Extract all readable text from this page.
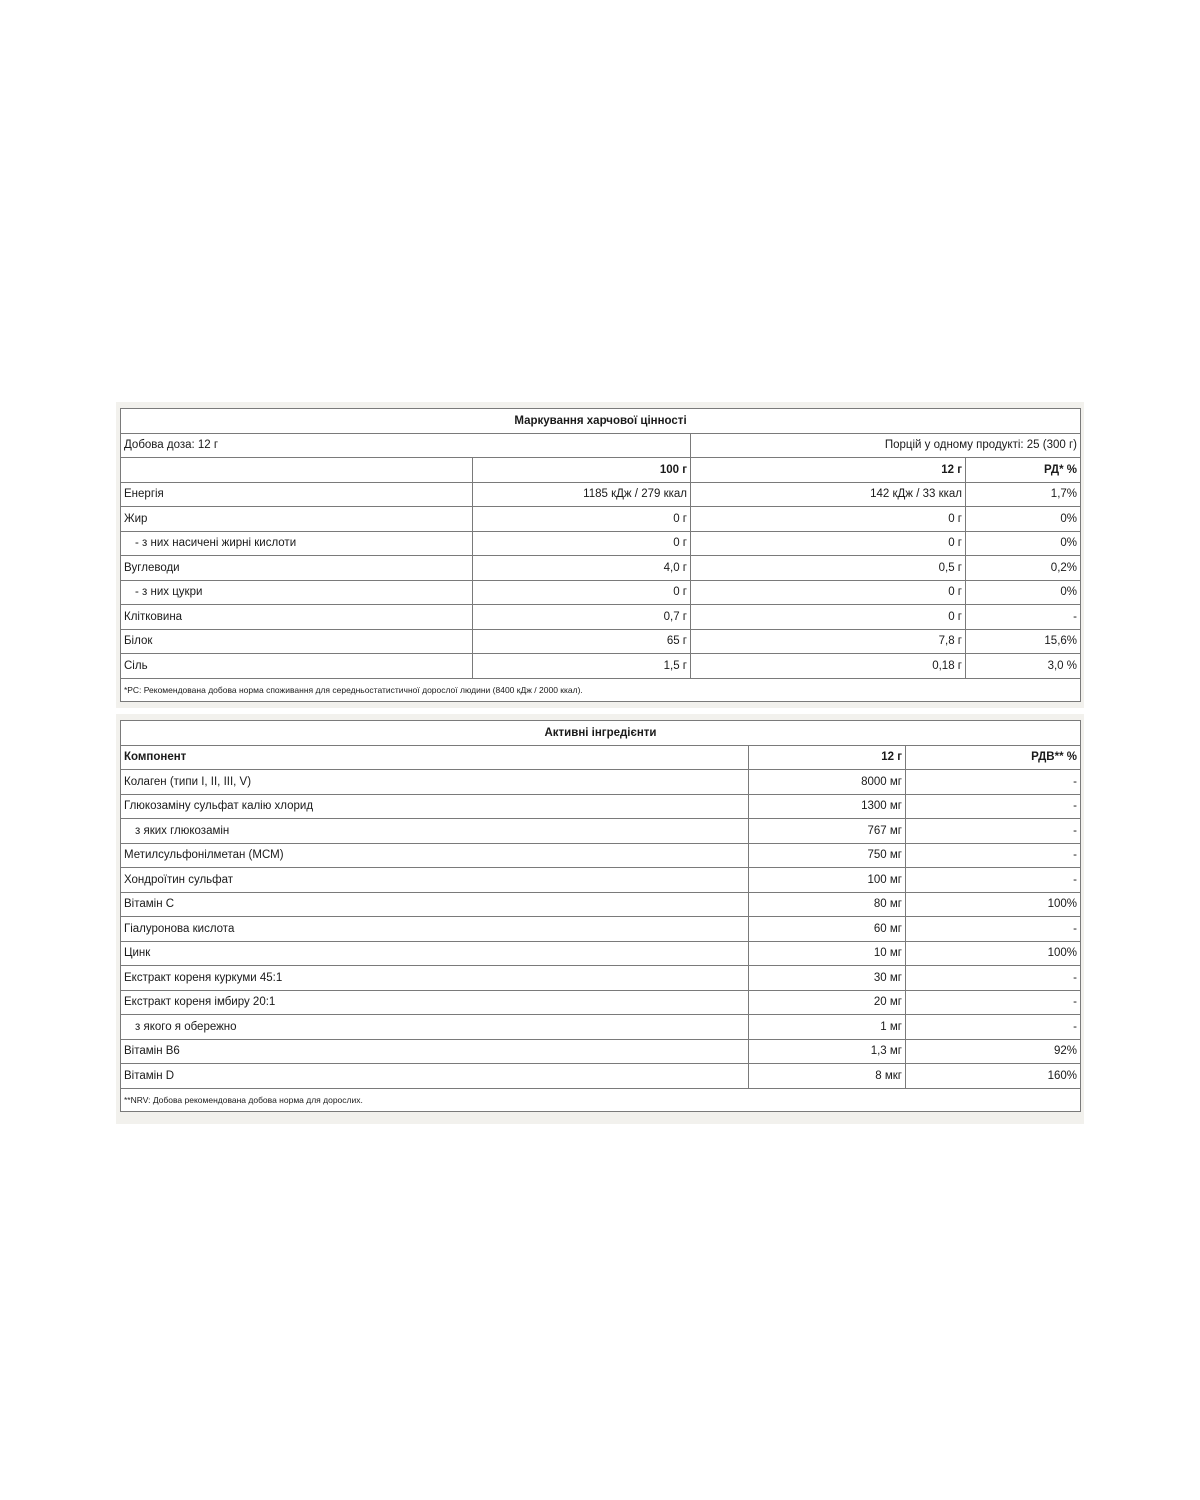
Маркування харчової цінності			
Добова доза: 12 г		Порцій у одному продукті: 25 (300 г)	
	100 г	12 г	РД* %
Енергія	1185 кДж / 279 ккал	142 кДж / 33 ккал	1,7%
Жир	0 г	0 г	0%
- з них насичені жирні кислоти	0 г	0 г	0%
Вуглеводи	4,0 г	0,5 г	0,2%
- з них цукри	0 г	0 г	0%
Клітковина	0,7 г	0 г	-
Білок	65 г	7,8 г	15,6%
Сіль	1,5 г	0,18 г	3,0 %
*РС: Рекомендована добова норма споживання для середньостатистичної дорослої людини (8400 кДж / 2000 ккал).			
Активні інгредієнти		
Компонент	12 г	РДВ** %
Колаген (типи I, II, III, V)	8000 мг	-
Глюкозаміну сульфат калію хлорид	1300 мг	-
з яких глюкозамін	767 мг	-
Метилсульфонілметан (МСМ)	750 мг	-
Хондроїтин сульфат	100 мг	-
Вітамін С	80 мг	100%
Гіалуронова кислота	60 мг	-
Цинк	10 мг	100%
Екстракт кореня куркуми 45:1	30 мг	-
Екстракт кореня імбиру 20:1	20 мг	-
з якого я обережно	1 мг	-
Вітамін В6	1,3 мг	92%
Вітамін D	8 мкг	160%
**NRV: Добова рекомендована добова норма для дорослих.		
